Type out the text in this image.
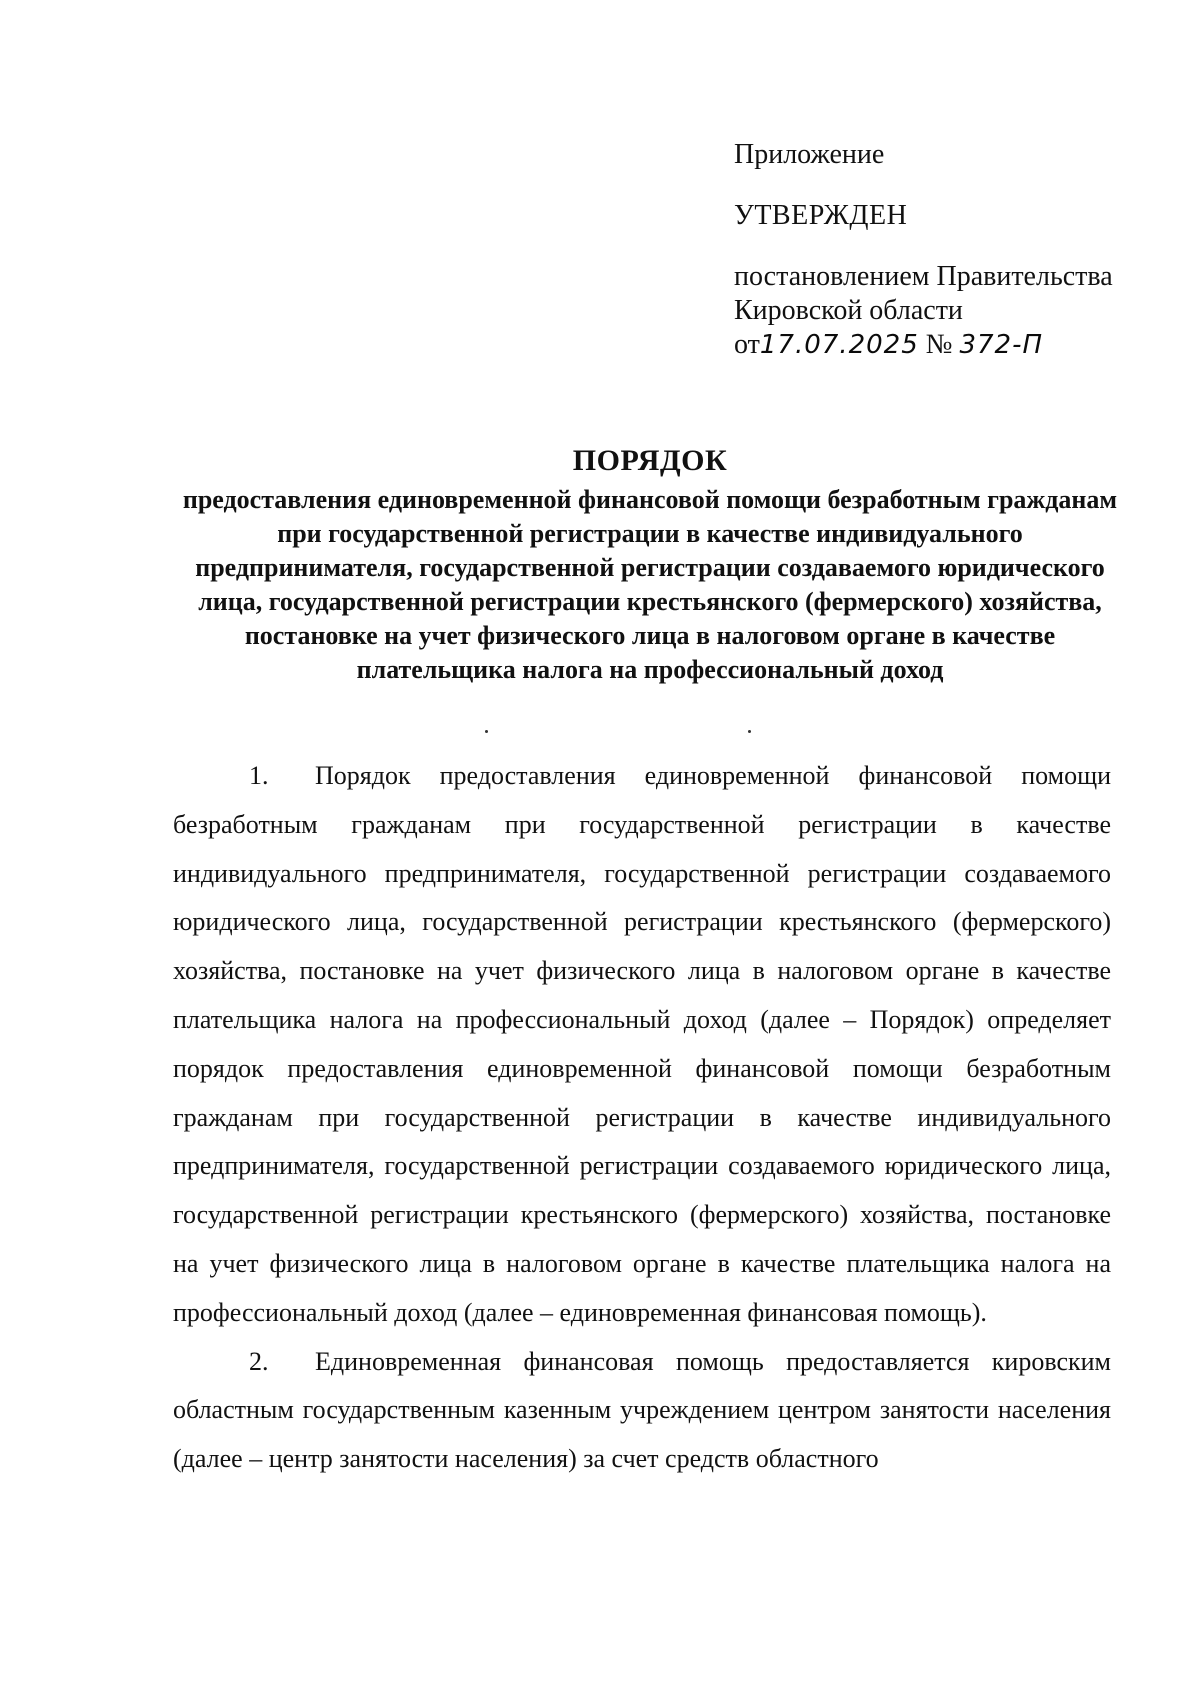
Приложение
УТВЕРЖДЕН
постановлением Правительства
Кировской области
от17.07.2025 № 372-П
ПОРЯДОК
предоставления единовременной финансовой помощи безработным гражданам при государственной регистрации в качестве индивидуального предпринимателя, государственной регистрации создаваемого юридического лица, государственной регистрации крестьянского (фермерского) хозяйства, постановке на учет физического лица в налоговом органе в качестве плательщика налога на профессиональный доход

1. Порядок предоставления единовременной финансовой помощи безработным гражданам при государственной регистрации в качестве индивидуального предпринимателя, государственной регистрации создаваемого юридического лица, государственной регистрации крестьянского (фермерского) хозяйства, постановке на учет физического лица в налоговом органе в качестве плательщика налога на профессиональный доход (далее – Порядок) определяет порядок предоставления единовременной финансовой помощи безработным гражданам при государственной регистрации в качестве индивидуального предпринимателя, государственной регистрации создаваемого юридического лица, государственной регистрации крестьянского (фермерского) хозяйства, постановке на учет физического лица в налоговом органе в качестве плательщика налога на профессиональный доход (далее – единовременная финансовая помощь).

2. Единовременная финансовая помощь предоставляется кировским областным государственным казенным учреждением центром занятости населения (далее – центр занятости населения) за счет средств областного
